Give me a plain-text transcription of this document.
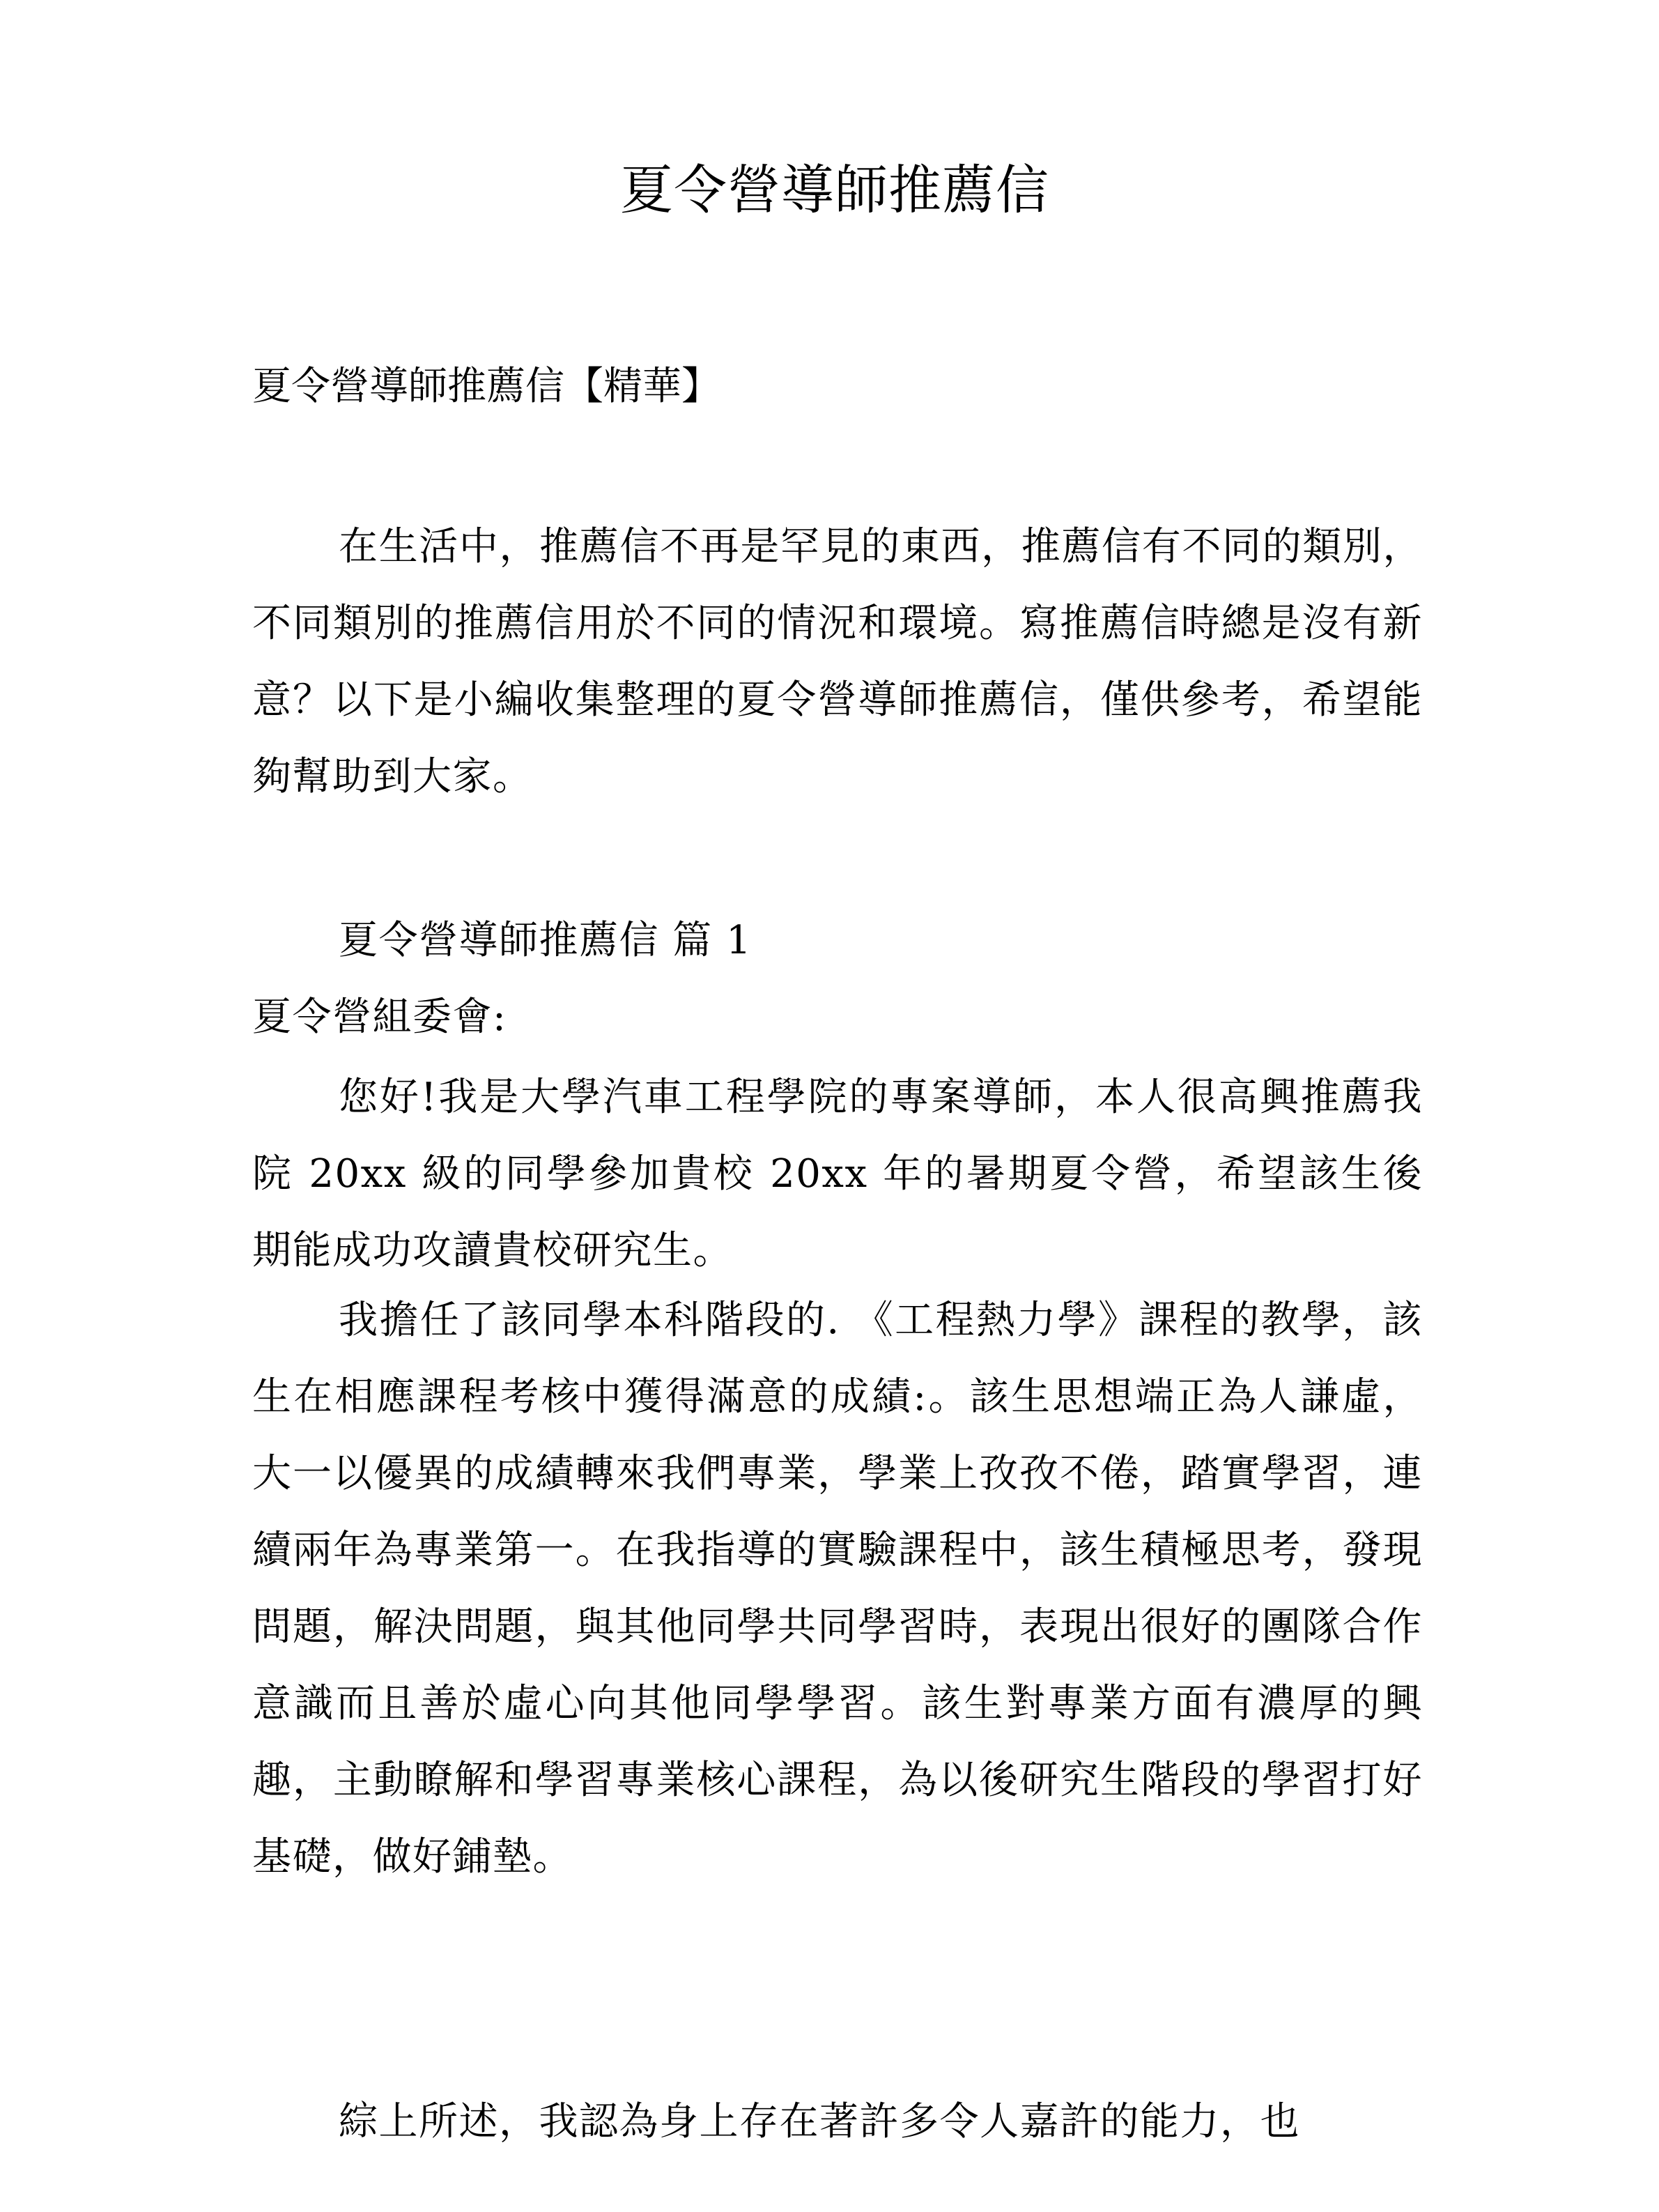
夏令營導師推薦信

夏令營導師推薦信【精華】

在生活中，推薦信不再是罕見的東西，推薦信有不同的類別，不同類別的推薦信用於不同的情況和環境。寫推薦信時總是沒有新意？以下是小編收集整理的夏令營導師推薦信，僅供參考，希望能夠幫助到大家。

夏令營導師推薦信 篇 1

夏令營組委會:

您好!我是大學汽車工程學院的專案導師，本人很高興推薦我院 20xx 級的同學參加貴校 20xx 年的暑期夏令營，希望該生後期能成功攻讀貴校研究生。

我擔任了該同學本科階段的. 《工程熱力學》課程的教學，該生在相應課程考核中獲得滿意的成績:。該生思想端正為人謙虛，大一以優異的成績轉來我們專業，學業上孜孜不倦，踏實學習，連續兩年為專業第一。在我指導的實驗課程中，該生積極思考，發現問題，解決問題，與其他同學共同學習時，表現出很好的團隊合作意識而且善於虛心向其他同學學習。該生對專業方面有濃厚的興趣，主動瞭解和學習專業核心課程，為以後研究生階段的學習打好基礎，做好鋪墊。

綜上所述，我認為身上存在著許多令人嘉許的能力，也
